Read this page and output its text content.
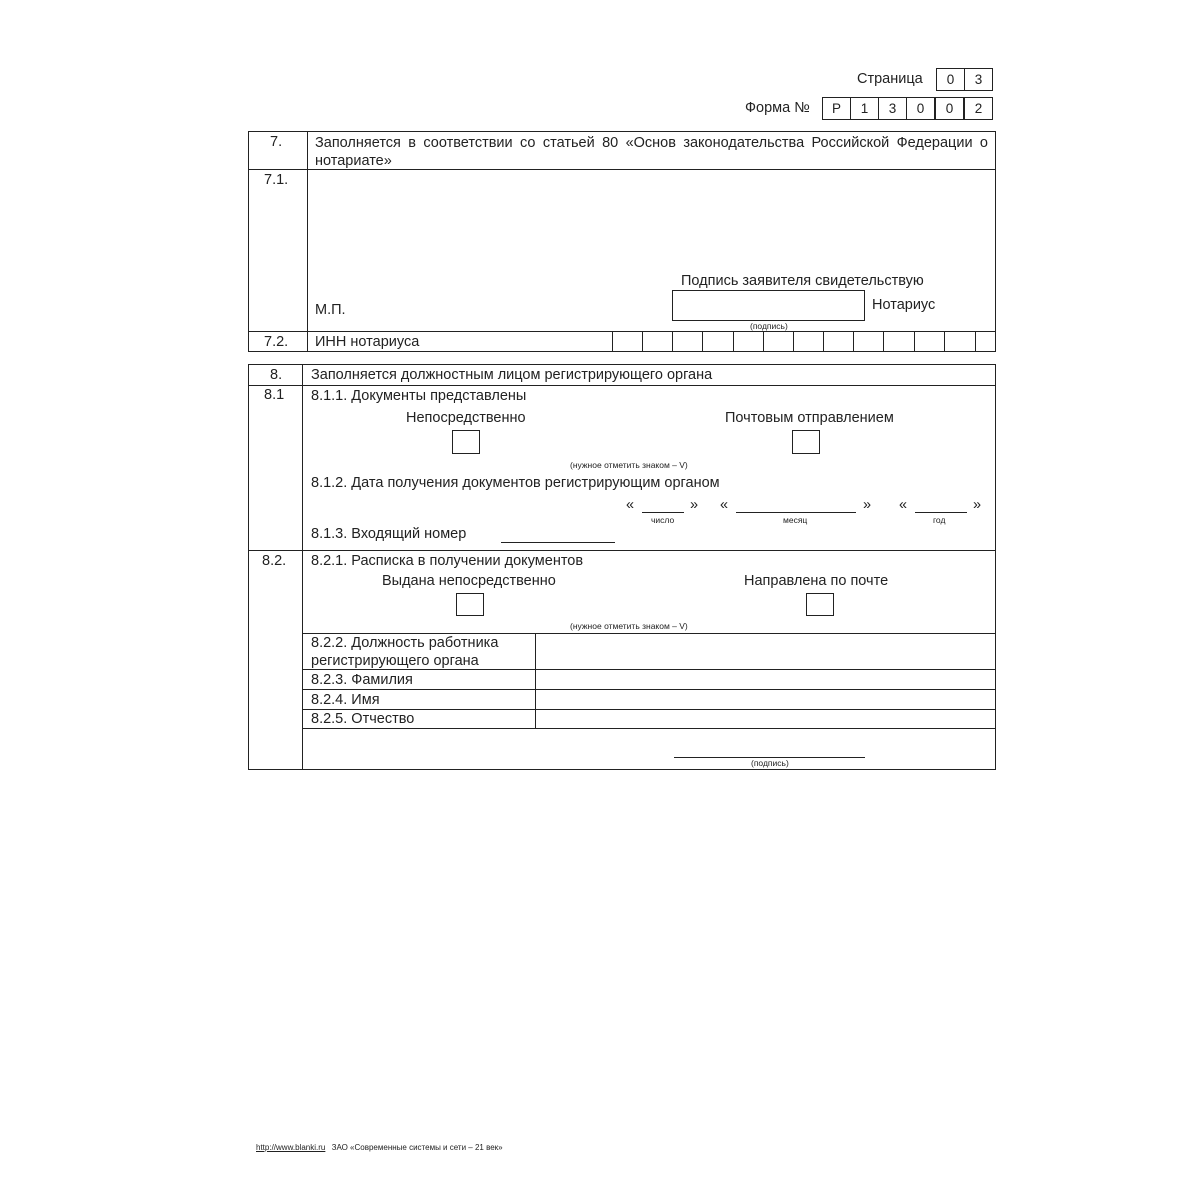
Страница	0	3
Форма №	Р	1	3	0	0	2
7. Заполняется в соответствии со статьей 80 «Основ законодательства Российской Федерации о нотариате»
7.1.
Подпись заявителя свидетельствую
М.П.	Нотариус
(подпись)
7.2. ИНН нотариуса
8. Заполняется должностным лицом регистрирующего органа
8.1 8.1.1. Документы представлены
Непосредственно	Почтовым отправлением
(нужное отметить знаком – V)
8.1.2. Дата получения документов регистрирующим органом
«	»
число
«	»
месяц
«	»
год
8.1.3. Входящий номер
8.2. 8.2.1. Расписка в получении документов
Выдана непосредственно	Направлена по почте
(нужное отметить знаком – V)
8.2.2. Должность работника
регистрирующего органа
8.2.3. Фамилия
8.2.4. Имя
8.2.5. Отчество
(подпись)
http://www.blanki.ru ЗАО «Современные системы и сети – 21 век»
